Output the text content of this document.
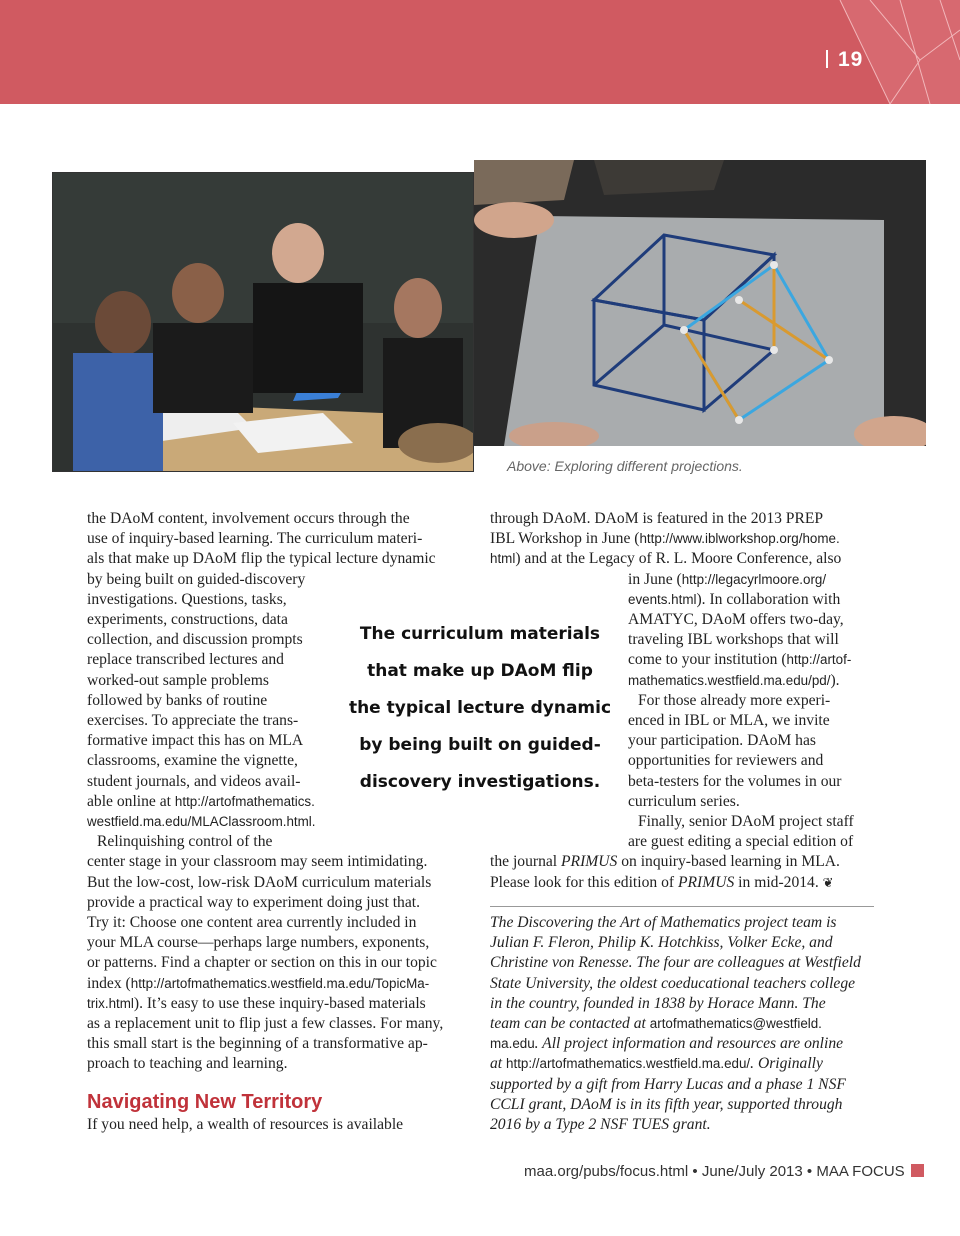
19
Above: Exploring different projections.
the DAoM content, involvement occurs through the
use of inquiry-based learning. The curriculum materi-
als that make up DAoM flip the typical lecture dynamic
by being built on guided-discovery
investigations. Questions, tasks,
experiments, constructions, data
collection, and discussion prompts
replace transcribed lectures and
worked-out sample problems
followed by banks of routine
exercises. To appreciate the trans-
formative impact this has on MLA
classrooms, examine the vignette,
student journals, and videos avail-
able online at http://artofmathematics.
westfield.ma.edu/MLAClassroom.html.
Relinquishing control of the
center stage in your classroom may seem intimidating.
But the low-cost, low-risk DAoM curriculum materials
provide a practical way to experiment doing just that.
Try it: Choose one content area currently included in
your MLA course—perhaps large numbers, exponents,
or patterns. Find a chapter or section on this in our topic
index (http://artofmathematics.westfield.ma.edu/TopicMa-
trix.html). It’s easy to use these inquiry-based materials
as a replacement unit to flip just a few classes. For many,
this small start is the beginning of a transformative ap-
proach to teaching and learning.
The curriculum materials
that make up DAoM flip
the typical lecture dynamic
by being built on guided-
discovery investigations.
Navigating New Territory
If you need help, a wealth of resources is available
through DAoM. DAoM is featured in the 2013 PREP
IBL Workshop in June (http://www.iblworkshop.org/home.
html) and at the Legacy of R. L. Moore Conference, also
in June (http://legacyrlmoore.org/
events.html). In collaboration with
AMATYC, DAoM offers two-day,
traveling IBL workshops that will
come to your institution (http://artof-
mathematics.westfield.ma.edu/pd/).
For those already more experi-
enced in IBL or MLA, we invite
your participation. DAoM has
opportunities for reviewers and
beta-testers for the volumes in our
curriculum series.
Finally, senior DAoM project staff
are guest editing a special edition of
the journal PRIMUS on inquiry-based learning in MLA.
Please look for this edition of PRIMUS in mid-2014. ❦
The Discovering the Art of Mathematics project team is
Julian F. Fleron, Philip K. Hotchkiss, Volker Ecke, and
Christine von Renesse. The four are colleagues at Westfield
State University, the oldest coeducational teachers college
in the country, founded in 1838 by Horace Mann. The
team can be contacted at artofmathematics@westfield.
ma.edu. All project information and resources are online
at http://artofmathematics.westfield.ma.edu/. Originally
supported by a gift from Harry Lucas and a phase 1 NSF
CCLI grant, DAoM is in its fifth year, supported through
2016 by a Type 2 NSF TUES grant.
maa.org/pubs/focus.html • June/July 2013 • MAA FOCUS
